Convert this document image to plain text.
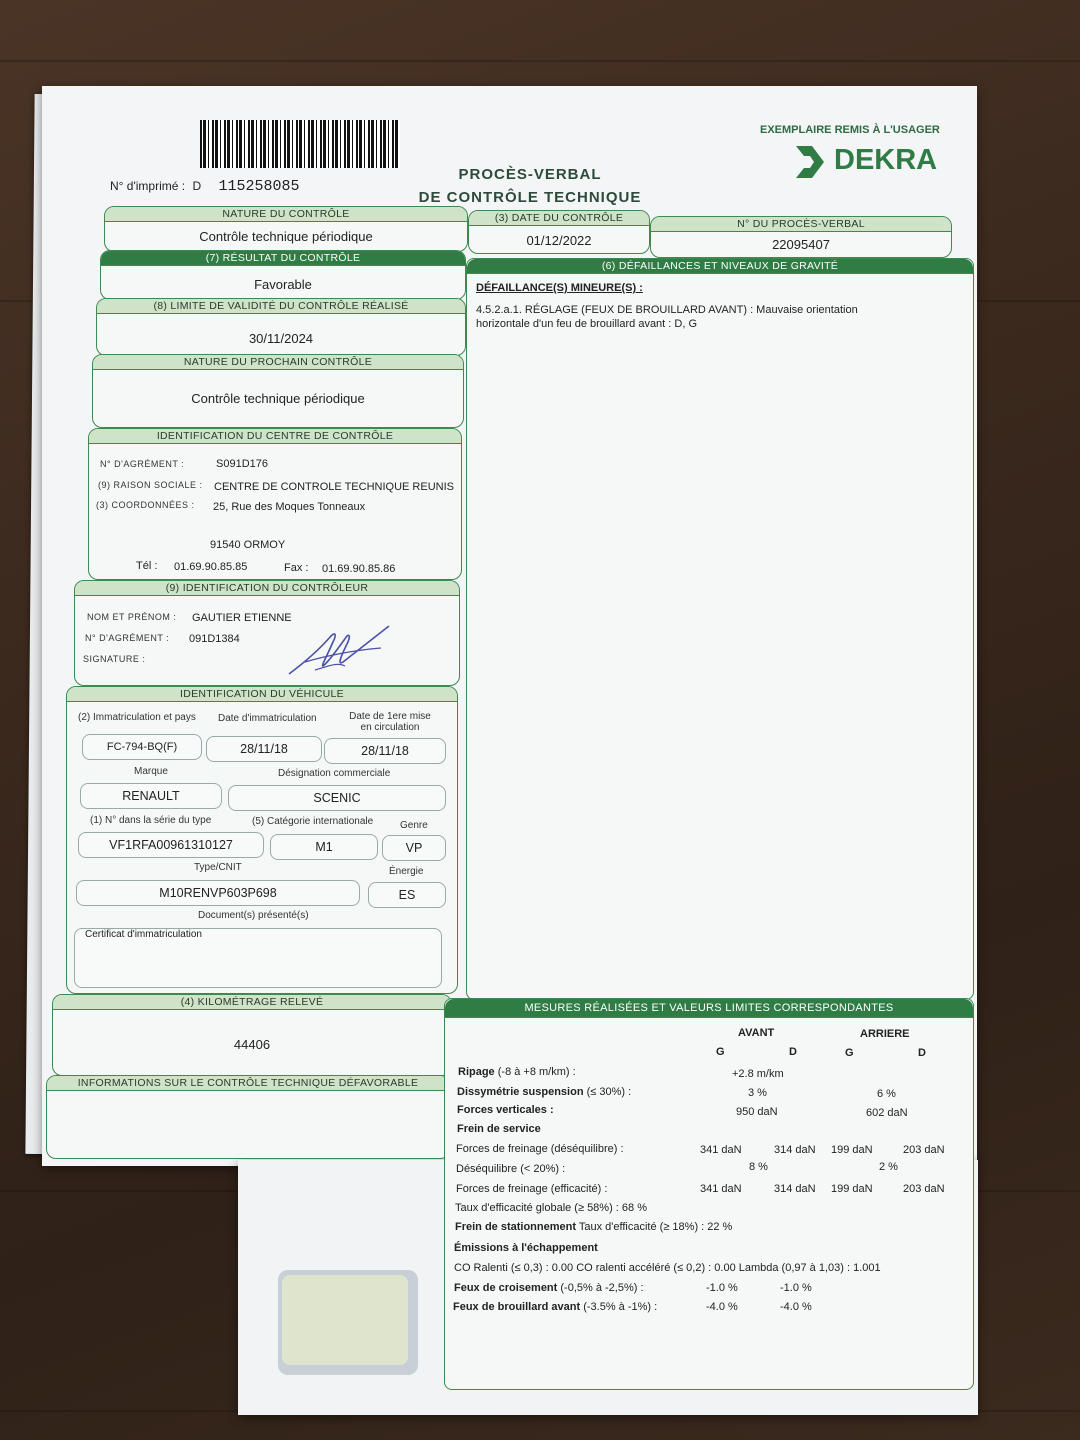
N° d'imprimé : D 115258085
PROCÈS-VERBAL
DE CONTRÔLE TECHNIQUE
EXEMPLAIRE REMIS À L'USAGER
DEKRA
NATURE DU CONTRÔLE
Contrôle technique périodique
(3) DATE DU CONTRÔLE
01/12/2022
N° DU PROCÈS-VERBAL
22095407
(7) RÉSULTAT DU CONTRÔLE
Favorable
(8) LIMITE DE VALIDITÉ DU CONTRÔLE RÉALISÉ
30/11/2024
NATURE DU PROCHAIN CONTRÔLE
Contrôle technique périodique
IDENTIFICATION DU CENTRE DE CONTRÔLE
N° D'AGRÉMENT :	S091D176
(9) RAISON SOCIALE : CENTRE DE CONTROLE TECHNIQUE REUNIS
(3) COORDONNÉES : 25, Rue des Moques Tonneaux
91540 ORMOY
Tél : 01.69.90.85.85	Fax : 01.69.90.85.86
(9) IDENTIFICATION DU CONTRÔLEUR
NOM ET PRÉNOM : GAUTIER ETIENNE
N° D'AGRÉMENT : 091D1384
SIGNATURE :
IDENTIFICATION DU VÉHICULE
(2) Immatriculation et pays Date d'immatriculation	Date de 1ere mise
en circulation
FC-794-BQ(F)	28/11/18	28/11/18
Marque	Désignation commerciale
RENAULT	SCENIC
(1) N° dans la série du type	(5) Catégorie internationale	Genre
VF1RFA00961310127	M1	VP
Type/CNIT	Énergie
M10RENVP603P698	ES
Document(s) présenté(s)
Certificat d'immatriculation
(4) KILOMÉTRAGE RELEVÉ
44406
INFORMATIONS SUR LE CONTRÔLE TECHNIQUE DÉFAVORABLE
(6) DÉFAILLANCES ET NIVEAUX DE GRAVITÉ
DÉFAILLANCE(S) MINEURE(S) :
4.5.2.a.1. RÉGLAGE (FEUX DE BROUILLARD AVANT) : Mauvaise orientation
horizontale d'un feu de brouillard avant : D, G
MESURES RÉALISÉES ET VALEURS LIMITES CORRESPONDANTES
AVANT	ARRIERE
G	D	G	D
Ripage (-8 à +8 m/km) :	+2.8 m/km
Dissymétrie suspension (≤ 30%) :	3 %	6 %
Forces verticales :	950 daN	602 daN
Frein de service
Forces de freinage (déséquilibre) :	341 daN	314 daN 199 daN	203 daN
Déséquilibre (< 20%) :	8 %	2 %
Forces de freinage (efficacité) :	341 daN	314 daN 199 daN	203 daN
Taux d'efficacité globale (≥ 58%) : 68 %
Frein de stationnement Taux d'efficacité (≥ 18%) : 22 %
Émissions à l'échappement
CO Ralenti (≤ 0,3) : 0.00 CO ralenti accéléré (≤ 0,2) : 0.00 Lambda (0,97 à 1,03) : 1.001
Feux de croisement (-0,5% à -2,5%) :	-1.0 %	-1.0 %
Feux de brouillard avant (-3.5% à -1%) :	-4.0 %	-4.0 %
